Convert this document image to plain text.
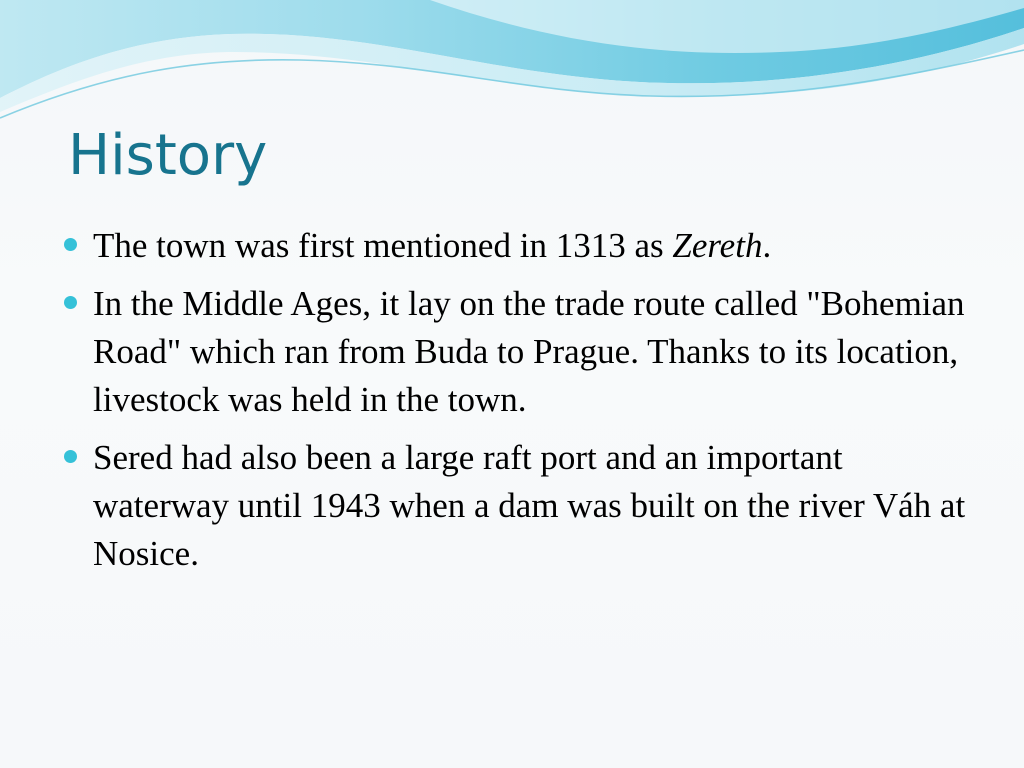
History
The town was first mentioned in 1313 as Zereth.
In the Middle Ages, it lay on the trade route called "Bohemian Road" which ran from Buda to Prague. Thanks to its location, livestock was held in the town.
Sered had also been a large raft port and an important waterway until 1943 when a dam was built on the river Váh at Nosice.
